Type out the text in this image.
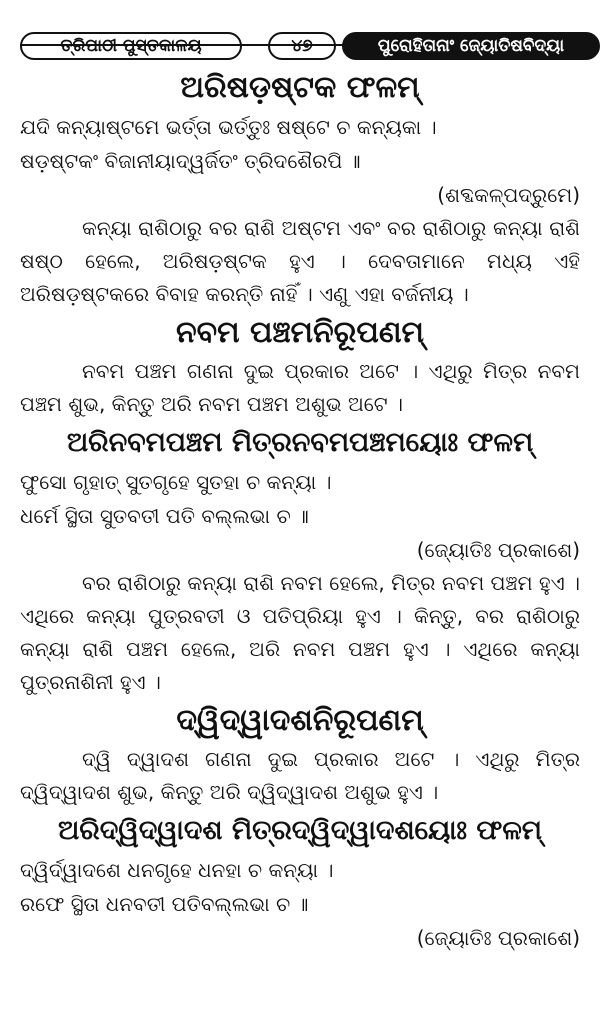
ତ୍ରିପାଠୀ ପୁସ୍ତକାଳୟ	୪୭	ପୁରୋହିତାନାଂ ଜ୍ୟୋତିଷବିଦ୍ୟା
ଅରିଷଡ଼ଷ୍ଟକ ଫଳମ୍
ଯଦି କନ୍ୟାଷ୍ଟମେ ଭର୍ତ୍ତା ଭର୍ତ୍ତୁଃ ଷଷ୍ଟେ ଚ କନ୍ୟକା ।
ଷଡ଼ଷ୍ଟକଂ ବିଜାନୀୟାଦ୍ୱର୍ଜିତଂ ତ୍ରିଦଶୈରପି ॥
(ଶବ୍ଦକଳ୍ପଦ୍ରୁମେ)
କନ୍ୟା ରାଶିଠାରୁ ବର ରାଶି ଅଷ୍ଟମ ଏବଂ ବର ରାଶିଠାରୁ କନ୍ୟା ରାଶି ଷଷ୍ଠ ହେଲେ, ଅରିଷଡ଼ଷ୍ଟକ ହୁଏ । ଦେବତାମାନେ ମଧ୍ୟ ଏହି ଅରିଷଡ଼ଷ୍ଟକରେ ବିବାହ କରନ୍ତି ନାହିଁ । ଏଣୁ ଏହା ବର୍ଜନୀୟ ।
ନବମ ପଞ୍ଚମନିରୂପଣମ୍
ନବମ ପଞ୍ଚମ ଗଣନା ଦୁଇ ପ୍ରକାର ଅଟେ । ଏଥିରୁ ମିତ୍ର ନବମ ପଞ୍ଚମ ଶୁଭ, କିନ୍ତୁ ଅରି ନବମ ପଞ୍ଚମ ଅଶୁଭ ଅଟେ ।
ଅରିନବମପଞ୍ଚମ ମିତ୍ରନବମପଞ୍ଚମୟୋଃ ଫଳମ୍
ଫୁସୋ ଗୃହାତ୍ ସୁତଗୃହେ ସୁତହା ଚ କନ୍ୟା ।
ଧର୍ମେ ସ୍ଥିତା ସୁତବତୀ ପତି ବଲ୍ଲଭା ଚ ॥
(ଜ୍ୟୋତିଃ ପ୍ରକାଶେ)
ବର ରାଶିଠାରୁ କନ୍ୟା ରାଶି ନବମ ହେଲେ, ମିତ୍ର ନବମ ପଞ୍ଚମ ହୁଏ । ଏଥିରେ କନ୍ୟା ପୁତ୍ରବତୀ ଓ ପତିପ୍ରିୟା ହୁଏ । କିନ୍ତୁ, ବର ରାଶିଠାରୁ କନ୍ୟା ରାଶି ପଞ୍ଚମ ହେଲେ, ଅରି ନବମ ପଞ୍ଚମ ହୁଏ । ଏଥିରେ କନ୍ୟା ପୁତ୍ରନାଶିନୀ ହୁଏ ।
ଦ୍ୱିଦ୍ୱାଦଶନିରୂପଣମ୍
ଦ୍ୱି ଦ୍ୱାଦଶ ଗଣନା ଦୁଇ ପ୍ରକାର ଅଟେ । ଏଥିରୁ ମିତ୍ର ଦ୍ୱିଦ୍ୱାଦଶ ଶୁଭ, କିନ୍ତୁ ଅରି ଦ୍ୱିଦ୍ୱାଦଶ ଅଶୁଭ ହୁଏ ।
ଅରିଦ୍ୱିଦ୍ୱାଦଶ ମିତ୍ରଦ୍ୱିଦ୍ୱାଦଶୟୋଃ ଫଳମ୍
ଦ୍ୱିର୍ଦ୍ୱାଦଶେ ଧନଗୃହେ ଧନହା ଚ କନ୍ୟା ।
ରଫେ ସ୍ଥିତା ଧନବତୀ ପତିବଲ୍ଲଭା ଚ ॥
(ଜ୍ୟୋତିଃ ପ୍ରକାଶେ)
